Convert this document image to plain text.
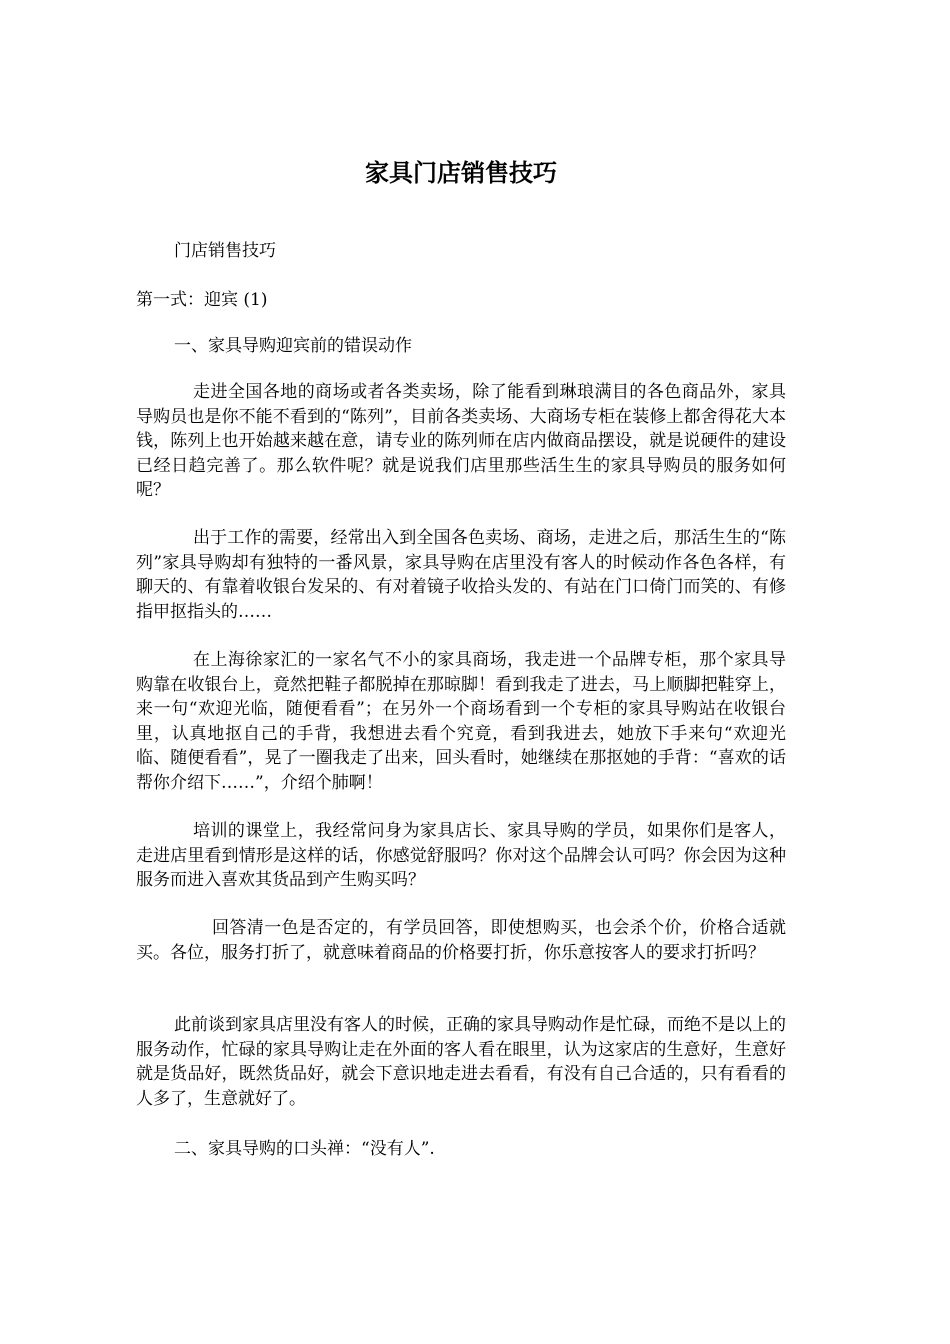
家具门店销售技巧

门店销售技巧

第一式：迎宾 (1)

一、家具导购迎宾前的错误动作

走进全国各地的商场或者各类卖场，除了能看到琳琅满目的各色商品外，家具导购员也是你不能不看到的“陈列”，目前各类卖场、大商场专柜在装修上都舍得花大本钱，陈列上也开始越来越在意，请专业的陈列师在店内做商品摆设，就是说硬件的建设已经日趋完善了。那么软件呢？就是说我们店里那些活生生的家具导购员的服务如何呢？

出于工作的需要，经常出入到全国各色卖场、商场，走进之后，那活生生的“陈列”家具导购却有独特的一番风景，家具导购在店里没有客人的时候动作各色各样，有聊天的、有靠着收银台发呆的、有对着镜子收拾头发的、有站在门口倚门而笑的、有修指甲抠指头的……

在上海徐家汇的一家名气不小的家具商场，我走进一个品牌专柜，那个家具导购靠在收银台上，竟然把鞋子都脱掉在那晾脚！看到我走了进去，马上顺脚把鞋穿上，来一句“欢迎光临，随便看看”；在另外一个商场看到一个专柜的家具导购站在收银台里，认真地抠自己的手背，我想进去看个究竟，看到我进去，她放下手来句“欢迎光临、随便看看”，晃了一圈我走了出来，回头看时，她继续在那抠她的手背：“喜欢的话帮你介绍下……”，介绍个肺啊！

培训的课堂上，我经常问身为家具店长、家具导购的学员，如果你们是客人，走进店里看到情形是这样的话，你感觉舒服吗？你对这个品牌会认可吗？你会因为这种服务而进入喜欢其货品到产生购买吗？

回答清一色是否定的，有学员回答，即使想购买，也会杀个价，价格合适就买。各位，服务打折了，就意味着商品的价格要打折，你乐意按客人的要求打折吗？

此前谈到家具店里没有客人的时候，正确的家具导购动作是忙碌，而绝不是以上的服务动作，忙碌的家具导购让走在外面的客人看在眼里，认为这家店的生意好，生意好就是货品好，既然货品好，就会下意识地走进去看看，有没有自己合适的，只有看看的人多了，生意就好了。

二、家具导购的口头禅：“没有人”.
